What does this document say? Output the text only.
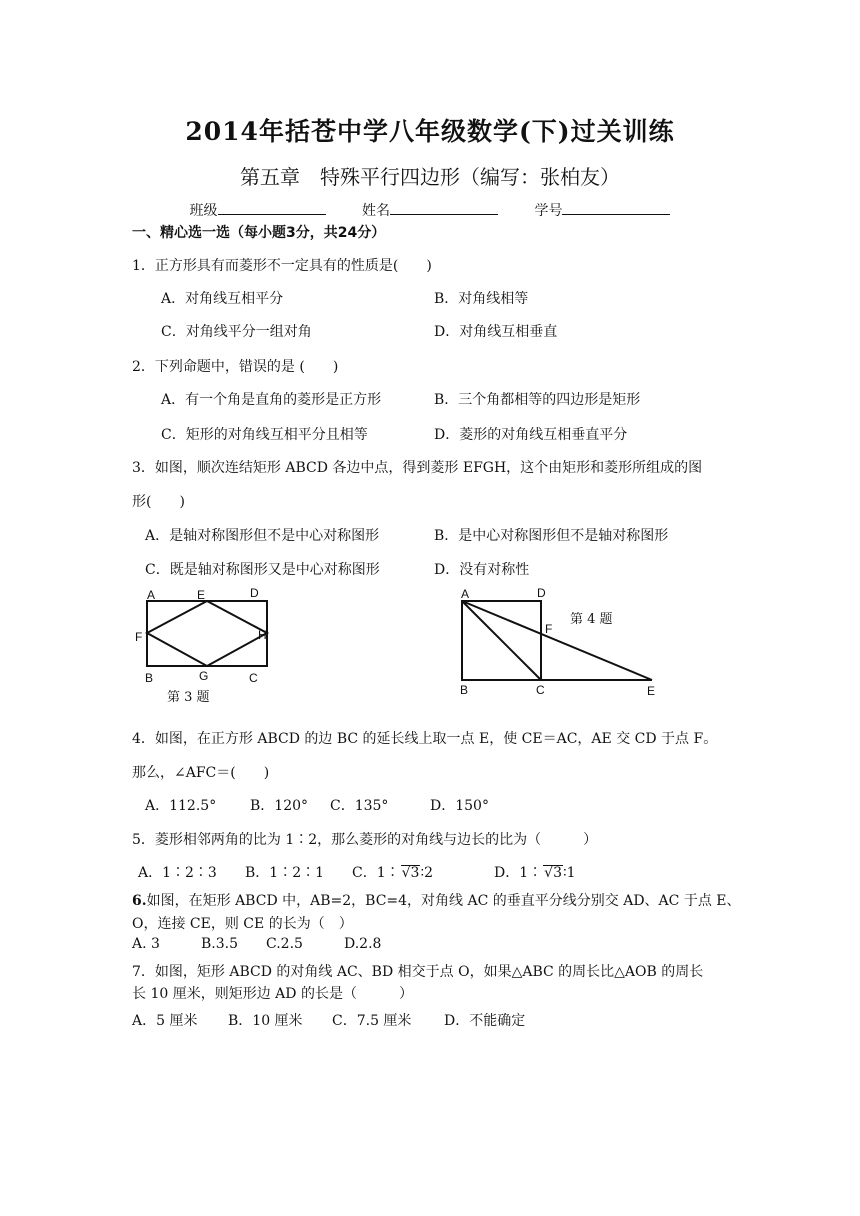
2014年括苍中学八年级数学(下)过关训练
第五章　特殊平行四边形（编写：张柏友）
班级	姓名	学号
一、精心选一选（每小题3分，共24分）
1．正方形具有而菱形不一定具有的性质是(　　)
A．对角线互相平分	B．对角线相等
C．对角线平分一组对角	D．对角线互相垂直
2．下列命题中，错误的是 (　　)
A．有一个角是直角的菱形是正方形	B．三个角都相等的四边形是矩形
C．矩形的对角线互相平分且相等	D．菱形的对角线互相垂直平分
3．如图，顺次连结矩形 ABCD 各边中点，得到菱形 EFGH，这个由矩形和菱形所组成的图
形(　　)
A．是轴对称图形但不是中心对称图形	B．是中心对称图形但不是轴对称图形
C．既是轴对称图形又是中心对称图形	D．没有对称性
A	E	D
F	H
B	G	C
第 3 题
A	D
F
B	C	E
第 4 题
4．如图，在正方形 ABCD 的边 BC 的延长线上取一点 E，使 CE＝AC，AE 交 CD 于点 F。
那么，∠AFC＝(　　)
A．112.5° B．120° C．135°	D．150°
5．菱形相邻两角的比为 1∶2，那么菱形的对角线与边长的比为（　　　）
A．1∶2∶3 B．1∶2∶1 C．1∶ √3∶2	D．1∶ √3∶1
6.如图，在矩形 ABCD 中，AB=2，BC=4，对角线 AC 的垂直平分线分别交 AD、AC 于点 E、
O，连接 CE，则 CE 的长为（　）
A. 3	B.3.5 C.2.5	D.2.8
7．如图，矩形 ABCD 的对角线 AC、BD 相交于点 O，如果△ABC 的周长比△AOB 的周长
长 10 厘米，则矩形边 AD 的长是（　　　）
A．5 厘米 B．10 厘米 C．7.5 厘米 D．不能确定
